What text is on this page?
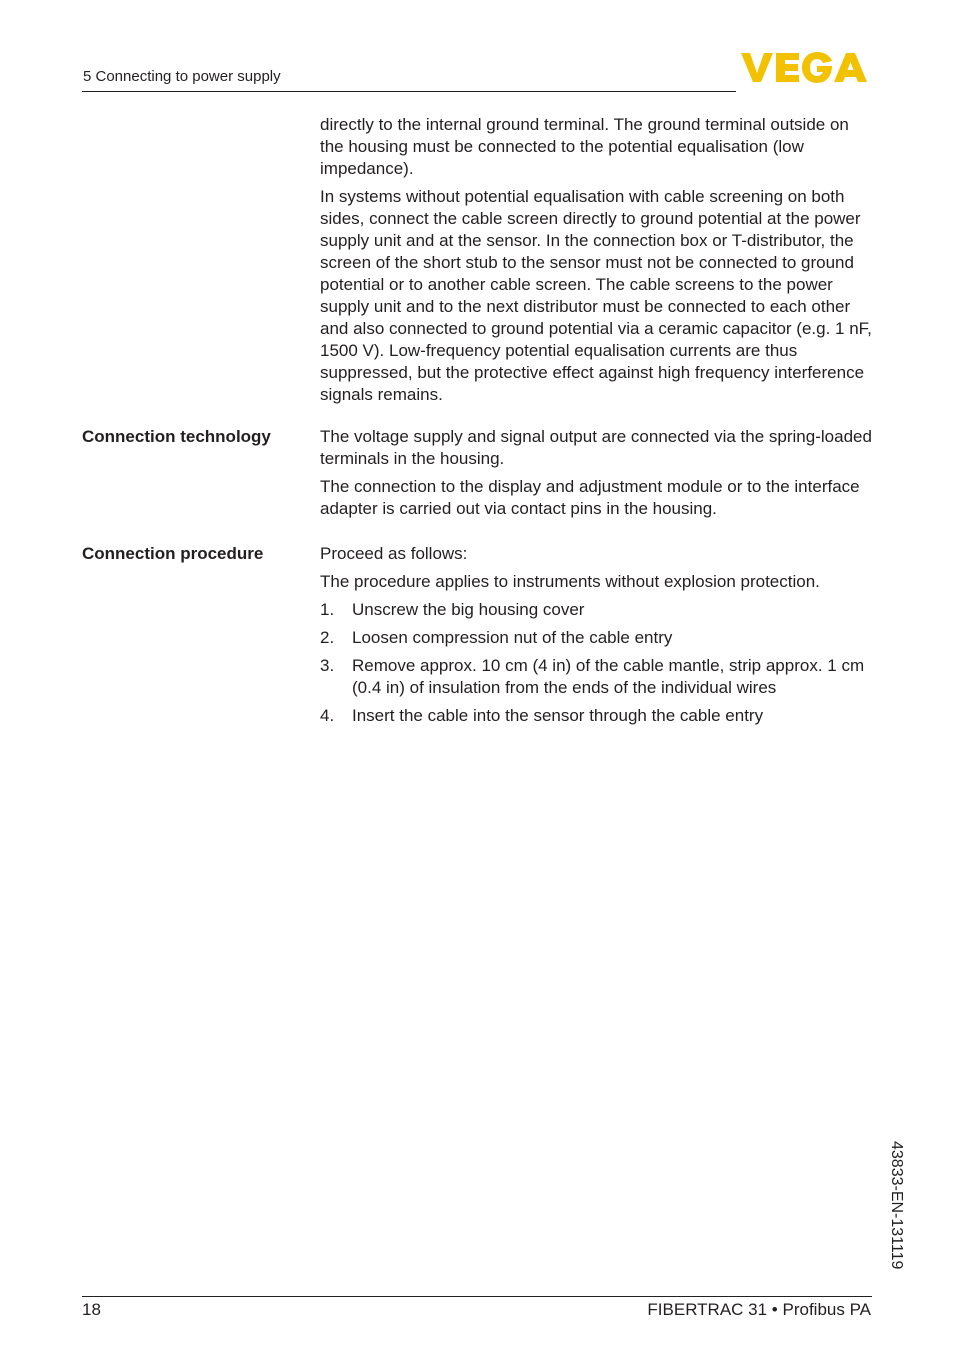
5 Connecting to power supply

directly to the internal ground terminal. The ground terminal outside on the housing must be connected to the potential equalisation (low impedance).

In systems without potential equalisation with cable screening on both sides, connect the cable screen directly to ground potential at the power supply unit and at the sensor. In the connection box or T-distributor, the screen of the short stub to the sensor must not be connected to ground potential or to another cable screen. The cable screens to the power supply unit and to the next distributor must be connected to each other and also connected to ground potential via a ceramic capacitor (e.g. 1 nF, 1500 V). Low-frequency potential equalisation currents are thus suppressed, but the protective effect against high frequency interference signals remains.

Connection technology	The voltage supply and signal output are connected via the spring-loaded terminals in the housing.

The connection to the display and adjustment module or to the interface adapter is carried out via contact pins in the housing.

Connection procedure	Proceed as follows:

The procedure applies to instruments without explosion protection.

1. Unscrew the big housing cover
2. Loosen compression nut of the cable entry
3. Remove approx. 10 cm (4 in) of the cable mantle, strip approx. 1 cm (0.4 in) of insulation from the ends of the individual wires
4. Insert the cable into the sensor through the cable entry
43833-EN-131119
18	FIBERTRAC 31 • Profibus PA
